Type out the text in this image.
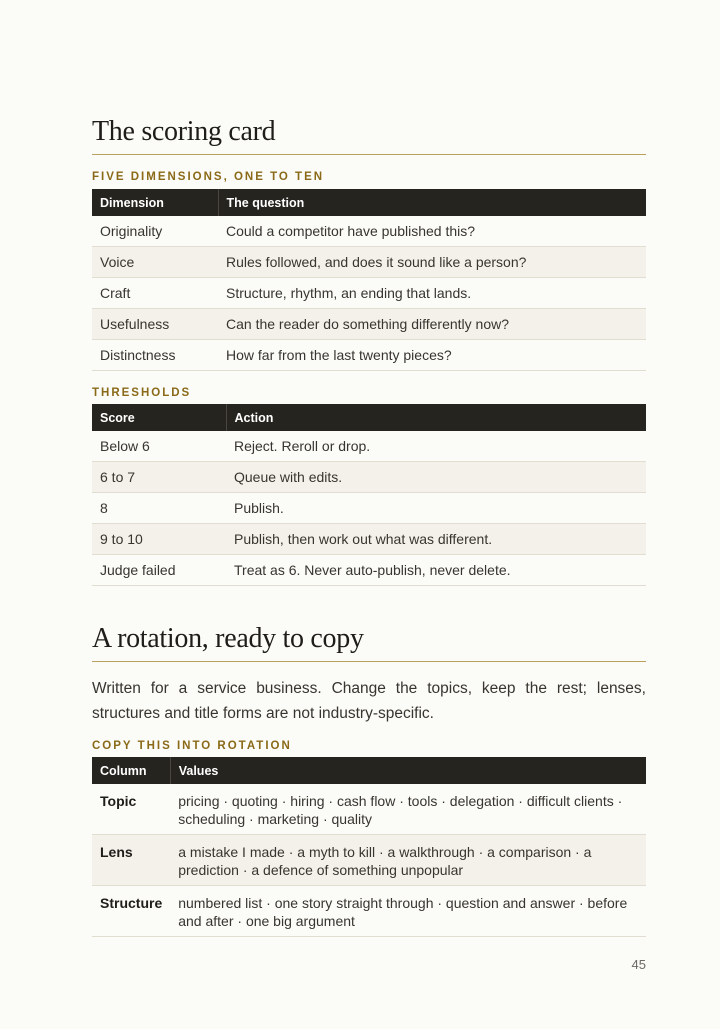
The scoring card
FIVE DIMENSIONS, ONE TO TEN
Dimension	The question
Originality	Could a competitor have published this?
Voice	Rules followed, and does it sound like a person?
Craft	Structure, rhythm, an ending that lands.
Usefulness	Can the reader do something differently now?
Distinctness	How far from the last twenty pieces?
THRESHOLDS
Score	Action
Below 6	Reject. Reroll or drop.
6 to 7	Queue with edits.
8	Publish.
9 to 10	Publish, then work out what was different.
Judge failed	Treat as 6. Never auto-publish, never delete.
A rotation, ready to copy

Written for a service business. Change the topics, keep the rest; lenses, structures and title forms are not industry-specific.

COPY THIS INTO ROTATION
Column	Values
Topic	pricing · quoting · hiring · cash flow · tools · delegation · difficult clients · scheduling · marketing · quality
Lens	a mistake I made · a myth to kill · a walkthrough · a comparison · a prediction · a defence of something unpopular
Structure	numbered list · one story straight through · question and answer · before and after · one big argument
45
